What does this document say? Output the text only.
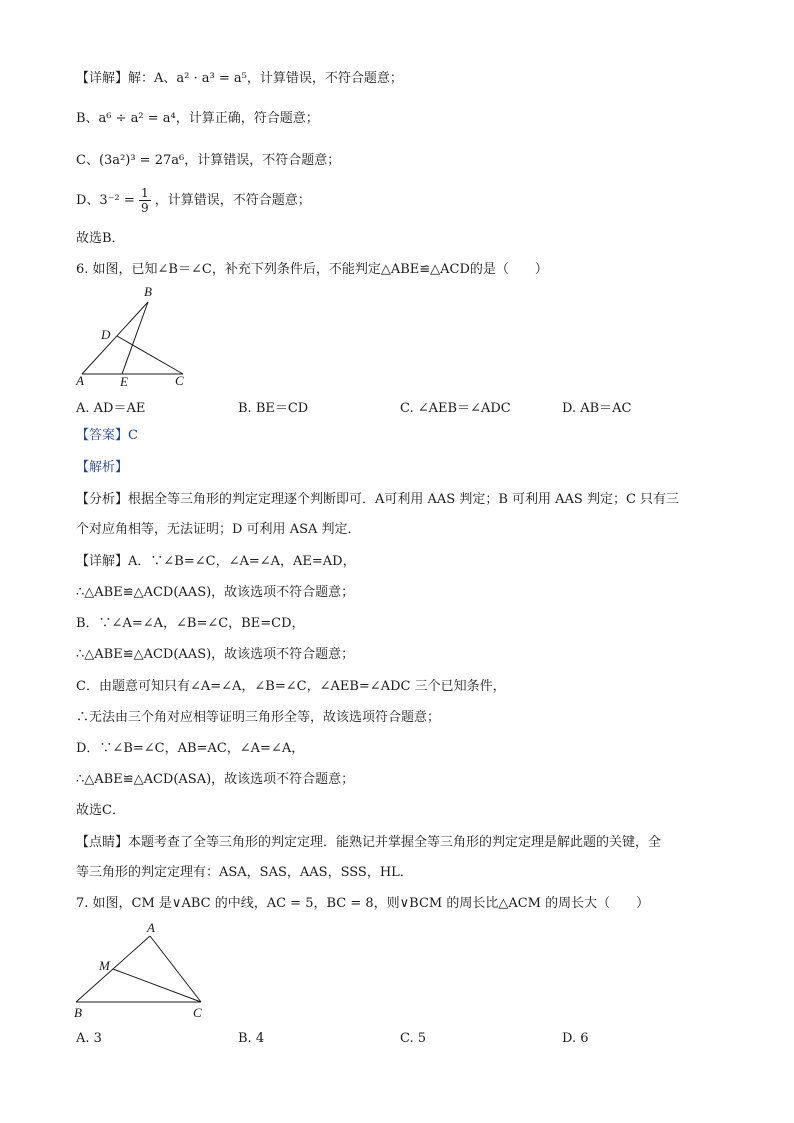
【详解】解：A、a² · a³ = a⁵，计算错误，不符合题意；
B、a⁶ ÷ a² = a⁴，计算正确，符合题意；
C、(3a²)³ = 27a⁶，计算错误，不符合题意；
D、$3^{-2} = \frac{1}{9}$ ，计算错误，不符合题意；
故选B．
6. 如图，已知∠B＝∠C，补充下列条件后，不能判定△ABE≌△ACD的是（　　）
B
D
A	E	C
A. AD＝AE	B. BE＝CD	C. ∠AEB＝∠ADC	D. AB＝AC
【答案】C
【解析】
【分析】根据全等三角形的判定定理逐个判断即可．A可利用 AAS 判定；B 可利用 AAS 判定；C 只有三
个对应角相等，无法证明；D 可利用 ASA 判定．
【详解】A．∵∠B=∠C，∠A=∠A，AE=AD，
∴△ABE≌△ACD(AAS)，故该选项不符合题意；
B．∵∠A=∠A，∠B=∠C，BE=CD，
∴△ABE≌△ACD(AAS)，故该选项不符合题意；
C．由题意可知只有∠A=∠A，∠B=∠C，∠AEB=∠ADC 三个已知条件，
∴无法由三个角对应相等证明三角形全等，故该选项符合题意；
D．∵∠B=∠C，AB=AC，∠A=∠A，
∴△ABE≌△ACD(ASA)，故该选项不符合题意；
故选C．
【点睛】本题考查了全等三角形的判定定理．能熟记并掌握全等三角形的判定定理是解此题的关键，全
等三角形的判定定理有：ASA，SAS，AAS，SSS，HL．
7. 如图，CM 是∨ABC 的中线，AC = 5，BC = 8，则∨BCM 的周长比△ACM 的周长大（　　）
A
M
B	C
A. 3	B. 4	C. 5	D. 6
